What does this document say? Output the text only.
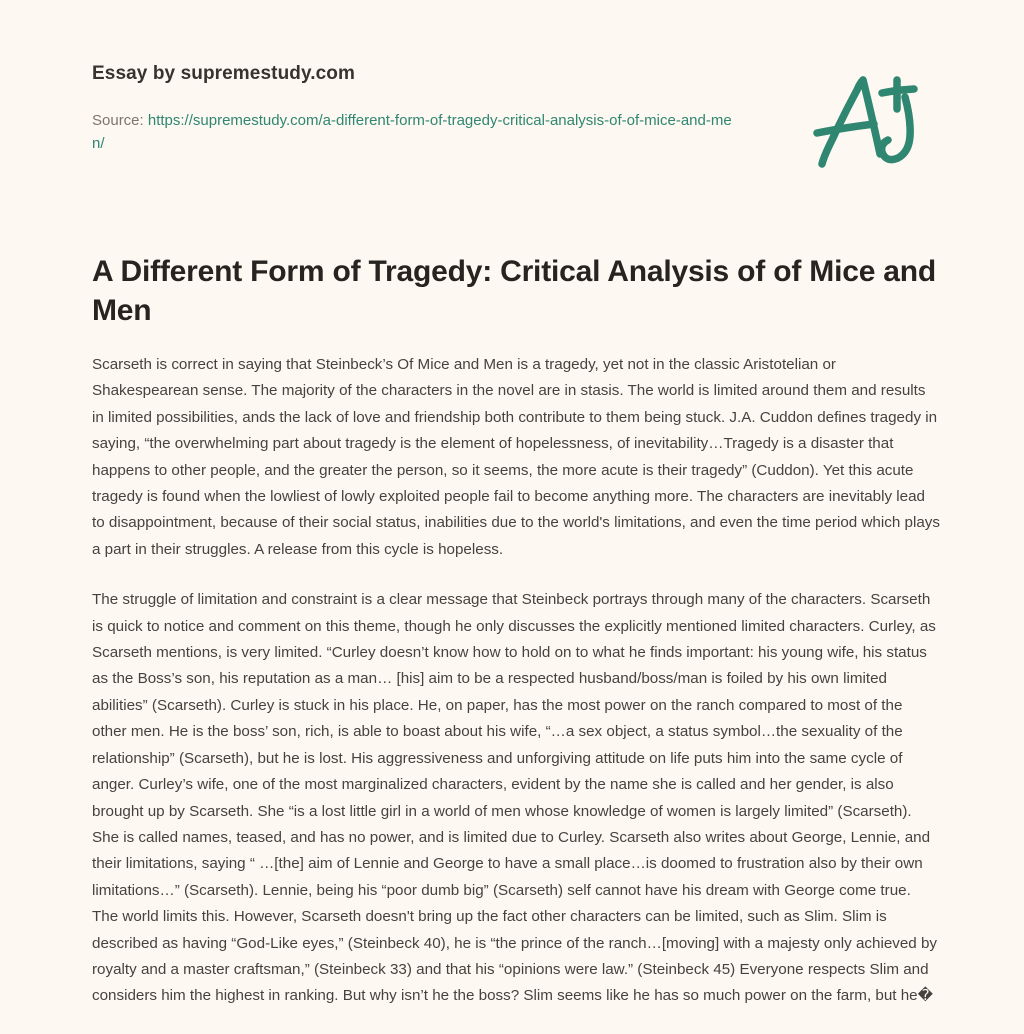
Essay by supremestudy.com
Source: https://supremestudy.com/a-different-form-of-tragedy-critical-analysis-of-of-mice-and-men/
A Different Form of Tragedy: Critical Analysis of of Mice and Men

Scarseth is correct in saying that Steinbeck’s Of Mice and Men is a tragedy, yet not in the classic Aristotelian or Shakespearean sense. The majority of the characters in the novel are in stasis. The world is limited around them and results in limited possibilities, ands the lack of love and friendship both contribute to them being stuck. J.A. Cuddon defines tragedy in saying, “the overwhelming part about tragedy is the element of hopelessness, of inevitability…Tragedy is a disaster that happens to other people, and the greater the person, so it seems, the more acute is their tragedy” (Cuddon). Yet this acute tragedy is found when the lowliest of lowly exploited people fail to become anything more. The characters are inevitably lead to disappointment, because of their social status, inabilities due to the world's limitations, and even the time period which plays a part in their struggles. A release from this cycle is hopeless.

The struggle of limitation and constraint is a clear message that Steinbeck portrays through many of the characters. Scarseth is quick to notice and comment on this theme, though he only discusses the explicitly mentioned limited characters. Curley, as Scarseth mentions, is very limited. “Curley doesn’t know how to hold on to what he finds important: his young wife, his status as the Boss’s son, his reputation as a man… [his] aim to be a respected husband/boss/man is foiled by his own limited abilities” (Scarseth). Curley is stuck in his place. He, on paper, has the most power on the ranch compared to most of the other men. He is the boss’ son, rich, is able to boast about his wife, “…a sex object, a status symbol…the sexuality of the relationship” (Scarseth), but he is lost. His aggressiveness and unforgiving attitude on life puts him into the same cycle of anger. Curley’s wife, one of the most marginalized characters, evident by the name she is called and her gender, is also brought up by Scarseth. She “is a lost little girl in a world of men whose knowledge of women is largely limited” (Scarseth). She is called names, teased, and has no power, and is limited due to Curley. Scarseth also writes about George, Lennie, and their limitations, saying “ …[the] aim of Lennie and George to have a small place…is doomed to frustration also by their own limitations…” (Scarseth). Lennie, being his “poor dumb big” (Scarseth) self cannot have his dream with George come true. The world limits this. However, Scarseth doesn't bring up the fact other characters can be limited, such as Slim. Slim is described as having “God-Like eyes,” (Steinbeck 40), he is “the prince of the ranch…[moving] with a majesty only achieved by royalty and a master craftsman,” (Steinbeck 33) and that his “opinions were law.” (Steinbeck 45) Everyone respects Slim and considers him the highest in ranking. But why isn’t he the boss? Slim seems like he has so much power on the farm, but he�
